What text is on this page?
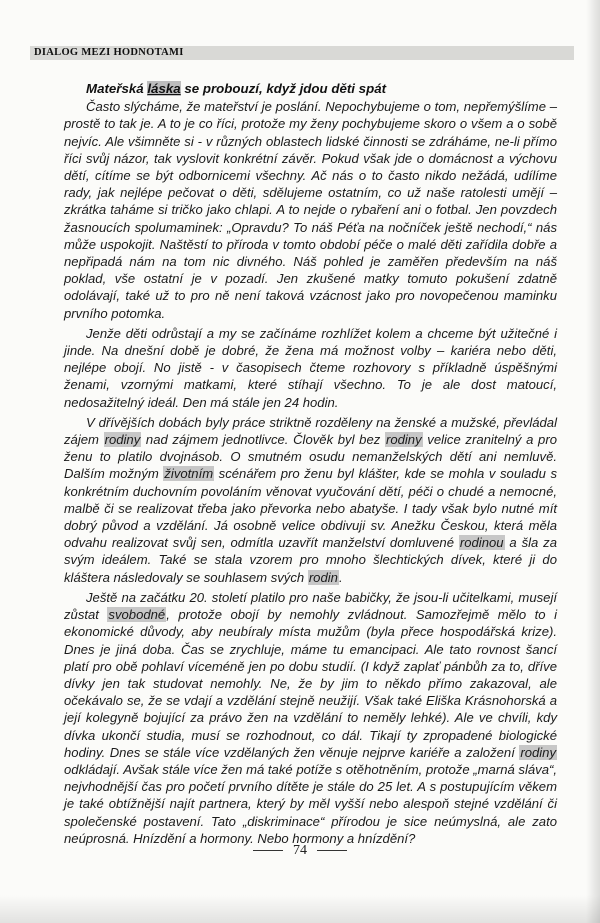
DIALOG MEZI HODNOTAMI
Mateřská láska se probouzí, když jdou děti spát

Často slýcháme, že mateřství je poslání. Nepochybujeme o tom, nepřemýšlíme – prostě to tak je. A to je co říci, protože my ženy pochybujeme skoro o všem a o sobě nejvíc. Ale všimněte si - v různých oblastech lidské činnosti se zdráháme, ne-li přímo říci svůj názor, tak vyslovit konkrétní závěr. Pokud však jde o domácnost a výchovu dětí, cítíme se být odbornicemi všechny. Ač nás o to často nikdo nežádá, udílíme rady, jak nejlépe pečovat o děti, sdělujeme ostatním, co už naše ratolesti umějí – zkrátka taháme si tričko jako chlapi. A to nejde o rybaření ani o fotbal. Jen povzdech žasnoucích spolumaminek: „Opravdu? To náš Péťa na nočníček ještě nechodí,“ nás může uspokojit. Naštěstí to příroda v tomto období péče o malé děti zařídila dobře a nepřipadá nám na tom nic divného. Náš pohled je zaměřen především na náš poklad, vše ostatní je v pozadí. Jen zkušené matky tomuto pokušení zdatně odolávají, také už to pro ně není taková vzácnost jako pro novopečenou maminku prvního potomka.

Jenže děti odrůstají a my se začínáme rozhlížet kolem a chceme být užitečné i jinde. Na dnešní době je dobré, že žena má možnost volby – kariéra nebo děti, nejlépe obojí. No jistě - v časopisech čteme rozhovory s příkladně úspěšnými ženami, vzornými matkami, které stíhají všechno. To je ale dost matoucí, nedosažitelný ideál. Den má stále jen 24 hodin.

V dřívějších dobách byly práce striktně rozděleny na ženské a mužské, převládal zájem rodiny nad zájmem jednotlivce. Člověk byl bez rodiny velice zranitelný a pro ženu to platilo dvojnásob. O smutném osudu nemanželských dětí ani nemluvě. Dalším možným životním scénářem pro ženu byl klášter, kde se mohla v souladu s konkrétním duchovním povoláním věnovat vyučování dětí, péči o chudé a nemocné, malbě či se realizovat třeba jako převorka nebo abatyše. I tady však bylo nutné mít dobrý původ a vzdělání. Já osobně velice obdivuji sv. Anežku Českou, která měla odvahu realizovat svůj sen, odmítla uzavřít manželství domluvené rodinou a šla za svým ideálem. Také se stala vzorem pro mnoho šlechtických dívek, které ji do kláštera následovaly se souhlasem svých rodin.

Ještě na začátku 20. století platilo pro naše babičky, že jsou-li učitelkami, musejí zůstat svobodné, protože obojí by nemohly zvládnout. Samozřejmě mělo to i ekonomické důvody, aby neubíraly místa mužům (byla přece hospodářská krize). Dnes je jiná doba. Čas se zrychluje, máme tu emancipaci. Ale tato rovnost šancí platí pro obě pohlaví víceméně jen po dobu studií. (I když zaplať pánbůh za to, dříve dívky jen tak studovat nemohly. Ne, že by jim to někdo přímo zakazoval, ale očekávalo se, že se vdají a vzdělání stejně neužijí. Však také Eliška Krásnohorská a její kolegyně bojující za právo žen na vzdělání to neměly lehké). Ale ve chvíli, kdy dívka ukončí studia, musí se rozhodnout, co dál. Tikají ty zpropadené biologické hodiny. Dnes se stále více vzdělaných žen věnuje nejprve kariéře a založení rodiny odkládají. Avšak stále více žen má také potíže s otěhotněním, protože „marná sláva“, nejvhodnější čas pro početí prvního dítěte je stále do 25 let. A s postupujícím věkem je také obtížnější najít partnera, který by měl vyšší nebo alespoň stejné vzdělání či společenské postavení. Tato „diskriminace“ přírodou je sice neúmyslná, ale zato neúprosná. Hnízdění a hormony. Nebo hormony a hnízdění?

74
